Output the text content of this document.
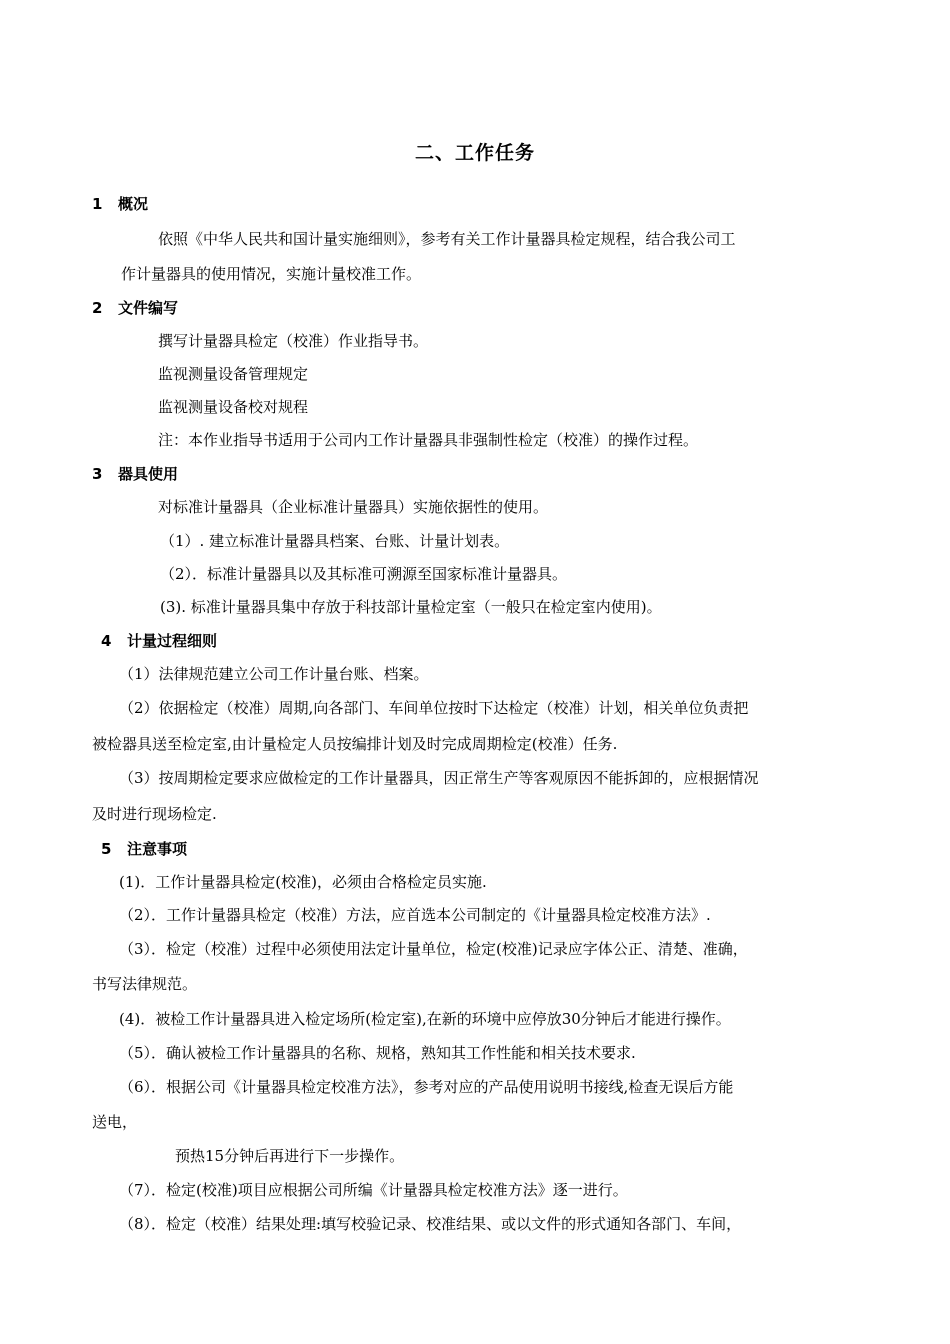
二、工作任务
1 概况
依照《中华人民共和国计量实施细则》，参考有关工作计量器具检定规程，结合我公司工
作计量器具的使用情况，实施计量校准工作。
2 文件编写
撰写计量器具检定（校准）作业指导书。
监视测量设备管理规定
监视测量设备校对规程
注：本作业指导书适用于公司内工作计量器具非强制性检定（校准）的操作过程。
3 器具使用
对标准计量器具（企业标准计量器具）实施依据性的使用。
（1）. 建立标准计量器具档案、台账、计量计划表。
（2）．标准计量器具以及其标准可溯源至国家标准计量器具。
(3). 标准计量器具集中存放于科技部计量检定室（一般只在检定室内使用)。
4 计量过程细则
（1）法律规范建立公司工作计量台账、档案。
（2）依据检定（校准）周期,向各部门、车间单位按时下达检定（校准）计划，相关单位负责把
被检器具送至检定室,由计量检定人员按编排计划及时完成周期检定(校准）任务.
（3）按周期检定要求应做检定的工作计量器具，因正常生产等客观原因不能拆卸的，应根据情况
及时进行现场检定.
5 注意事项
(1)．工作计量器具检定(校准)，必须由合格检定员实施.
（2）．工作计量器具检定（校准）方法，应首选本公司制定的《计量器具检定校准方法》.
（3）．检定（校准）过程中必须使用法定计量单位，检定(校准)记录应字体公正、清楚、准确，
书写法律规范。
(4)．被检工作计量器具进入检定场所(检定室),在新的环境中应停放30分钟后才能进行操作。
（5）．确认被检工作计量器具的名称、规格，熟知其工作性能和相关技术要求.
（6）．根据公司《计量器具检定校准方法》，参考对应的产品使用说明书接线,检查无误后方能
送电，
预热15分钟后再进行下一步操作。
（7）．检定(校准)项目应根据公司所编《计量器具检定校准方法》逐一进行。
（8）．检定（校准）结果处理:填写校验记录、校准结果、或以文件的形式通知各部门、车间，
